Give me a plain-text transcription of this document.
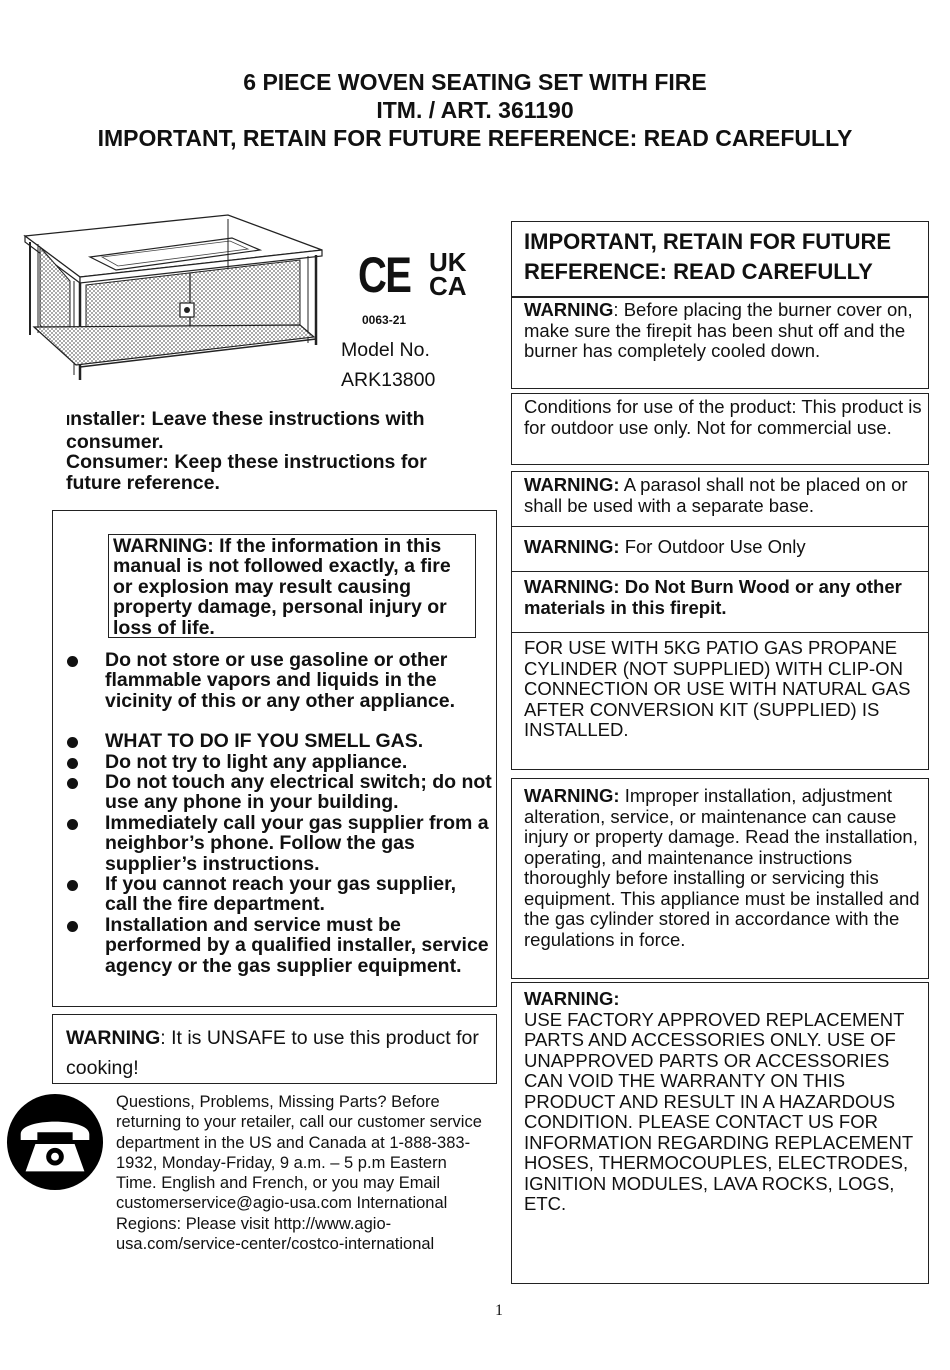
6 PIECE WOVEN SEATING SET WITH FIRE
ITM. / ART. 361190
IMPORTANT, RETAIN FOR FUTURE REFERENCE: READ CAREFULLY
CE UK
CA
0063-21
Model No.
ARK13800
Installer: Leave these instructions with consumer.
Consumer: Keep these instructions for future reference.
WARNING: If the information in this manual is not followed exactly, a fire or explosion may result causing property damage, personal injury or loss of life.
Do not store or use gasoline or other flammable vapors and liquids in the vicinity of this or any other appliance.
WHAT TO DO IF YOU SMELL GAS.
Do not try to light any appliance.
Do not touch any electrical switch; do not use any phone in your building.
Immediately call your gas supplier from a neighbor’s phone. Follow the gas supplier’s instructions.
If you cannot reach your gas supplier, call the fire department.
Installation and service must be performed by a qualified installer, service agency or the gas supplier equipment.
WARNING: It is UNSAFE to use this product for cooking!
Questions, Problems, Missing Parts? Before returning to your retailer, call our customer service department in the US and Canada at 1-888-383-1932, Monday-Friday, 9 a.m. – 5 p.m Eastern Time. English and French, or you may Email customerservice@agio-usa.com International Regions: Please visit http://www.agio-usa.com/service-center/costco-international
IMPORTANT, RETAIN FOR FUTURE REFERENCE: READ CAREFULLY
WARNING: Before placing the burner cover on, make sure the firepit has been shut off and the burner has completely cooled down.
Conditions for use of the product: This product is for outdoor use only. Not for commercial use.
WARNING: A parasol shall not be placed on or shall be used with a separate base.
WARNING: For Outdoor Use Only
WARNING: Do Not Burn Wood or any other materials in this firepit.
FOR USE WITH 5KG PATIO GAS PROPANE CYLINDER (NOT SUPPLIED) WITH CLIP-ON CONNECTION OR USE WITH NATURAL GAS AFTER CONVERSION KIT (SUPPLIED) IS INSTALLED.
WARNING: Improper installation, adjustment alteration, service, or maintenance can cause injury or property damage. Read the installation, operating, and maintenance instructions thoroughly before installing or servicing this equipment. This appliance must be installed and the gas cylinder stored in accordance with the regulations in force.
WARNING:
USE FACTORY APPROVED REPLACEMENT PARTS AND ACCESSORIES ONLY. USE OF UNAPPROVED PARTS OR ACCESSORIES CAN VOID THE WARRANTY ON THIS PRODUCT AND RESULT IN A HAZARDOUS CONDITION. PLEASE CONTACT US FOR INFORMATION REGARDING REPLACEMENT HOSES, THERMOCOUPLES, ELECTRODES, IGNITION MODULES, LAVA ROCKS, LOGS, ETC.
1
